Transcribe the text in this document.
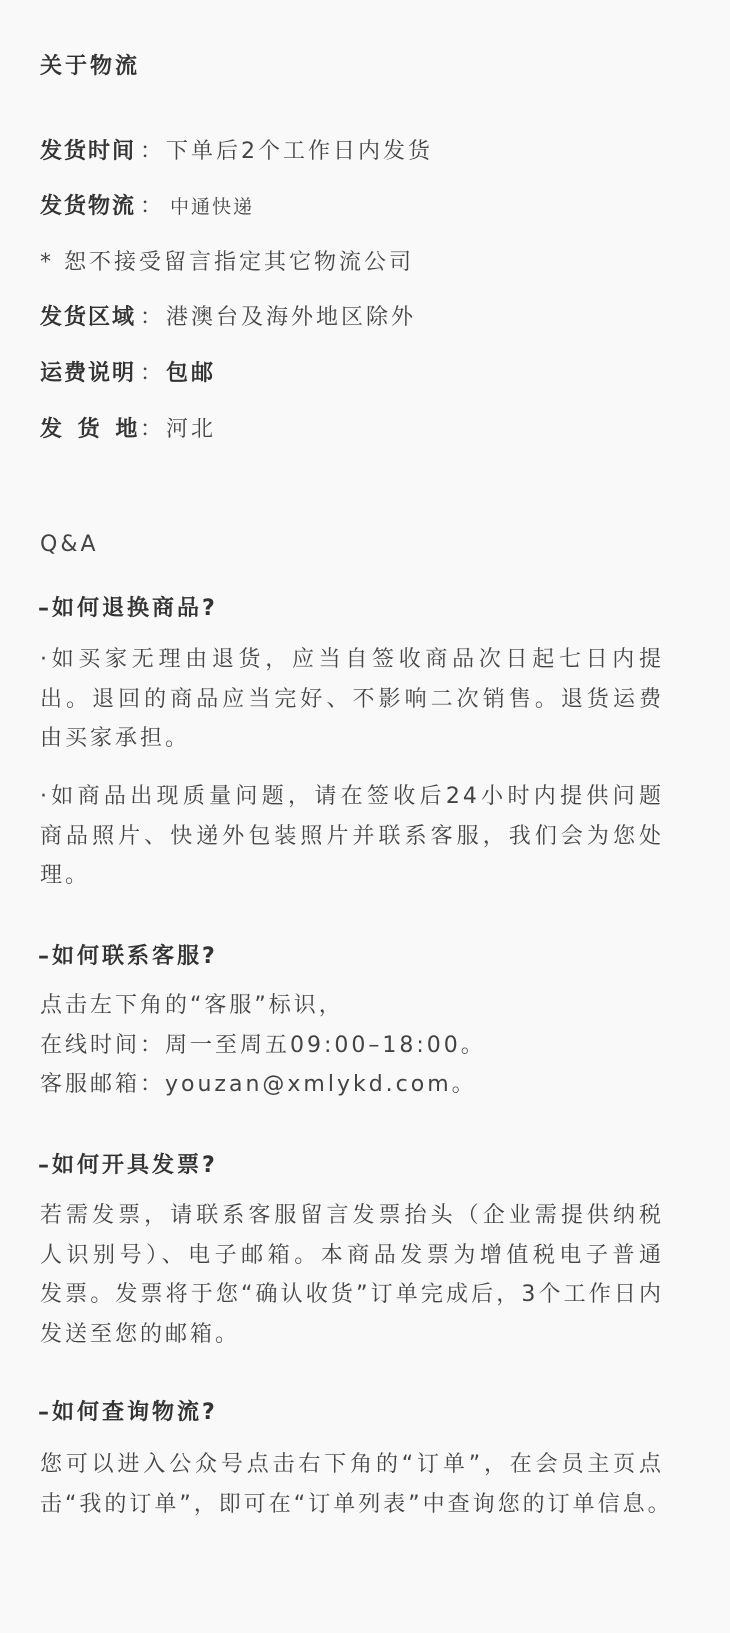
关于物流
发货时间 ： 下单后2个工作日内发货
发货物流 ： 中通快递
* 恕不接受留言指定其它物流公司
发货区域 ： 港澳台及海外地区除外
运费说明 ： 包邮
发 货 地
： 河北
Q&A
–如何退换商品?
·如买家无理由退货，应当自签收商品次日起七日内提
出。退回的商品应当完好、不影响二次销售。退货运费
由买家承担。
·如商品出现质量问题，请在签收后24小时内提供问题
商品照片、快递外包装照片并联系客服，我们会为您处
理。
–如何联系客服?
点击左下角的“客服”标识，
在线时间：周一至周五09:00–18:00。
客服邮箱：youzan@xmlykd.com。
–如何开具发票?
若需发票，请联系客服留言发票抬头（企业需提供纳税
人识别号）、电子邮箱。本商品发票为增值税电子普通
发票。发票将于您“确认收货”订单完成后，3个工作日内
发送至您的邮箱。
–如何查询物流?
您可以进入公众号点击右下角的“订单”，在会员主页点
击“我的订单”，即可在“订单列表”中查询您的订单信息。
